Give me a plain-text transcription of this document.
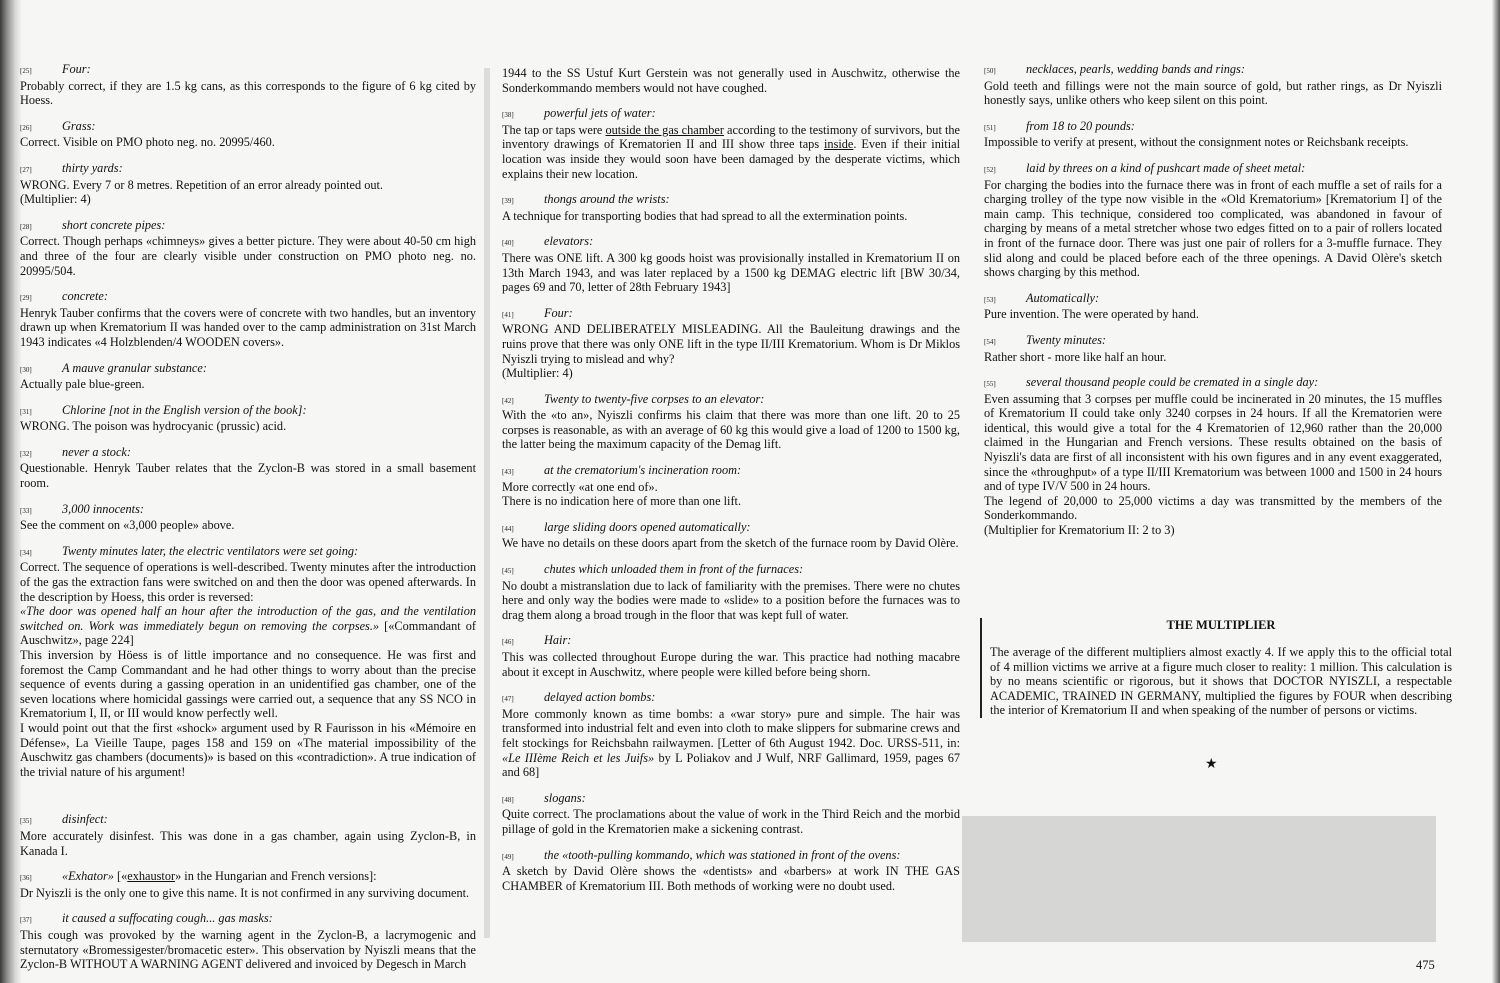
[25]	Four:

Probably correct, if they are 1.5 kg cans, as this corresponds to the figure of 6 kg cited by Hoess.

[26]	Grass:

Correct. Visible on PMO photo neg. no. 20995/460.

[27]	thirty yards:

WRONG. Every 7 or 8 metres. Repetition of an error already pointed out.

(Multiplier: 4)

[28]	short concrete pipes:

Correct. Though perhaps «chimneys» gives a better picture. They were about 40-50 cm high and three of the four are clearly visible under construction on PMO photo neg. no. 20995/504.

[29]	concrete:

Henryk Tauber confirms that the covers were of concrete with two handles, but an inventory drawn up when Krematorium II was handed over to the camp administration on 31st March 1943 indicates «4 Holzblenden/4 WOODEN covers».

[30]	A mauve granular substance:

Actually pale blue-green.

[31]	Chlorine [not in the English version of the book]:

WRONG. The poison was hydrocyanic (prussic) acid.

[32]	never a stock:

Questionable. Henryk Tauber relates that the Zyclon-B was stored in a small basement room.

[33]	3,000 innocents:

See the comment on «3,000 people» above.

[34]	Twenty minutes later, the electric ventilators were set going:

Correct. The sequence of operations is well-described. Twenty minutes after the introduction of the gas the extraction fans were switched on and then the door was opened afterwards. In the description by Hoess, this order is reversed:

«The door was opened half an hour after the introduction of the gas, and the ventilation switched on. Work was immediately begun on removing the corpses.» [«Commandant of Auschwitz», page 224]

This inversion by Höess is of little importance and no consequence. He was first and foremost the Camp Commandant and he had other things to worry about than the precise sequence of events during a gassing operation in an unidentified gas chamber, one of the seven locations where homicidal gassings were carried out, a sequence that any SS NCO in Krematorium I, II, or III would know perfectly well.

I would point out that the first «shock» argument used by R Faurisson in his «Mémoire en Défense», La Vieille Taupe, pages 158 and 159 on «The material impossibility of the Auschwitz gas chambers (documents)» is based on this «contradiction». A true indication of the trivial nature of his argument!

[35]	disinfect:

More accurately disinfest. This was done in a gas chamber, again using Zyclon-B, in Kanada I.

[36]	«Exhator» [«exhaustor» in the Hungarian and French versions]:

Dr Nyiszli is the only one to give this name. It is not confirmed in any surviving document.

[37]	it caused a suffocating cough... gas masks:

This cough was provoked by the warning agent in the Zyclon-B, a lacrymogenic and sternutatory «Bromessigester/bromacetic ester». This observation by Nyiszli means that the Zyclon-B WITHOUT A WARNING AGENT delivered and invoiced by Degesch in March

1944 to the SS Ustuf Kurt Gerstein was not generally used in Auschwitz, otherwise the Sonderkommando members would not have coughed.

[38]	powerful jets of water:

The tap or taps were outside the gas chamber according to the testimony of survivors, but the inventory drawings of Krematorien II and III show three taps inside. Even if their initial location was inside they would soon have been damaged by the desperate victims, which explains their new location.

[39]	thongs around the wrists:

A technique for transporting bodies that had spread to all the extermination points.

[40]	elevators:

There was ONE lift. A 300 kg goods hoist was provisionally installed in Krematorium II on 13th March 1943, and was later replaced by a 1500 kg DEMAG electric lift [BW 30/34, pages 69 and 70, letter of 28th February 1943]

[41]	Four:

WRONG AND DELIBERATELY MISLEADING. All the Bauleitung drawings and the ruins prove that there was only ONE lift in the type II/III Krematorium. Whom is Dr Miklos Nyiszli trying to mislead and why?

(Multiplier: 4)

[42]	Twenty to twenty-five corpses to an elevator:

With the «to an», Nyiszli confirms his claim that there was more than one lift. 20 to 25 corpses is reasonable, as with an average of 60 kg this would give a load of 1200 to 1500 kg, the latter being the maximum capacity of the Demag lift.

[43]	at the crematorium's incineration room:

More correctly «at one end of».

There is no indication here of more than one lift.

[44]	large sliding doors opened automatically:

We have no details on these doors apart from the sketch of the furnace room by David Olère.

[45]	chutes which unloaded them in front of the furnaces:

No doubt a mistranslation due to lack of familiarity with the premises. There were no chutes here and only way the bodies were made to «slide» to a position before the furnaces was to drag them along a broad trough in the floor that was kept full of water.

[46]	Hair:

This was collected throughout Europe during the war. This practice had nothing macabre about it except in Auschwitz, where people were killed before being shorn.

[47]	delayed action bombs:

More commonly known as time bombs: a «war story» pure and simple. The hair was transformed into industrial felt and even into cloth to make slippers for submarine crews and felt stockings for Reichsbahn railwaymen. [Letter of 6th August 1942. Doc. URSS-511, in: «Le IIIème Reich et les Juifs» by L Poliakov and J Wulf, NRF Gallimard, 1959, pages 67 and 68]

[48]	slogans:

Quite correct. The proclamations about the value of work in the Third Reich and the morbid pillage of gold in the Krematorien make a sickening contrast.

[49]	the «tooth-pulling kommando, which was stationed in front of the ovens:

A sketch by David Olère shows the «dentists» and «barbers» at work IN THE GAS CHAMBER of Krematorium III. Both methods of working were no doubt used.

[50]	necklaces, pearls, wedding bands and rings:

Gold teeth and fillings were not the main source of gold, but rather rings, as Dr Nyiszli honestly says, unlike others who keep silent on this point.

[51]	from 18 to 20 pounds:

Impossible to verify at present, without the consignment notes or Reichsbank receipts.

[52]	laid by threes on a kind of pushcart made of sheet metal:

For charging the bodies into the furnace there was in front of each muffle a set of rails for a charging trolley of the type now visible in the «Old Krematorium» [Krematorium I] of the main camp. This technique, considered too complicated, was abandoned in favour of charging by means of a metal stretcher whose two edges fitted on to a pair of rollers located in front of the furnace door. There was just one pair of rollers for a 3-muffle furnace. They slid along and could be placed before each of the three openings. A David Olère's sketch shows charging by this method.

[53]	Automatically:

Pure invention. The were operated by hand.

[54]	Twenty minutes:

Rather short - more like half an hour.

[55]	several thousand people could be cremated in a single day:

Even assuming that 3 corpses per muffle could be incinerated in 20 minutes, the 15 muffles of Krematorium II could take only 3240 corpses in 24 hours. If all the Krematorien were identical, this would give a total for the 4 Krematorien of 12,960 rather than the 20,000 claimed in the Hungarian and French versions. These results obtained on the basis of Nyiszli's data are first of all inconsistent with his own figures and in any event exaggerated, since the «throughput» of a type II/III Krematorium was between 1000 and 1500 in 24 hours and of type IV/V 500 in 24 hours.

The legend of 20,000 to 25,000 victims a day was transmitted by the members of the Sonderkommando.

(Multiplier for Krematorium II: 2 to 3)

THE MULTIPLIER
The average of the different multipliers almost exactly 4. If we apply this to the official total of 4 million victims we arrive at a figure much closer to reality: 1 million. This calculation is by no means scientific or rigorous, but it shows that DOCTOR NYISZLI, a respectable ACADEMIC, TRAINED IN GERMANY, multiplied the figures by FOUR when describing the interior of Krematorium II and when speaking of the number of persons or victims.
★
475
